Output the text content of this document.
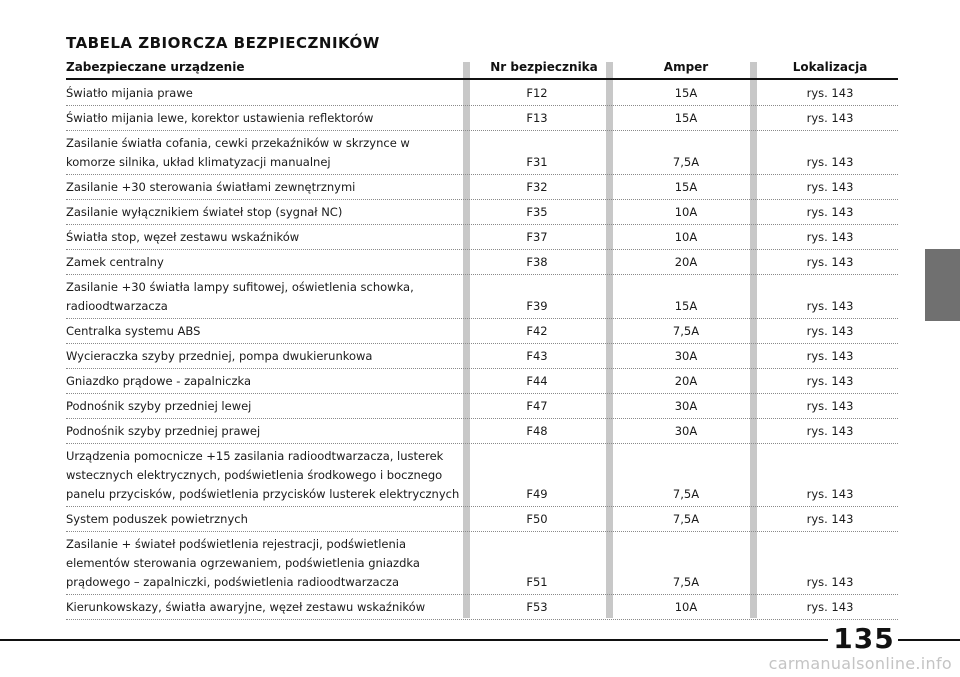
TABELA ZBIORCZA BEZPIECZNIKÓW
Zabezpieczane urządzenie	Nr bezpiecznika	Amper	Lokalizacja
Światło mijania prawe	F12	15A	rys. 143
Światło mijania lewe, korektor ustawienia reflektorów	F13	15A	rys. 143
Zasilanie światła cofania, cewki przekaźników w skrzynce w komorze silnika, układ klimatyzacji manualnej	F31	7,5A	rys. 143
Zasilanie +30 sterowania światłami zewnętrznymi	F32	15A	rys. 143
Zasilanie wyłącznikiem świateł stop (sygnał NC)	F35	10A	rys. 143
Światła stop, węzeł zestawu wskaźników	F37	10A	rys. 143
Zamek centralny	F38	20A	rys. 143
Zasilanie +30 światła lampy sufitowej, oświetlenia schowka, radioodtwarzacza	F39	15A	rys. 143
Centralka systemu ABS	F42	7,5A	rys. 143
Wycieraczka szyby przedniej, pompa dwukierunkowa	F43	30A	rys. 143
Gniazdko prądowe - zapalniczka	F44	20A	rys. 143
Podnośnik szyby przedniej lewej	F47	30A	rys. 143
Podnośnik szyby przedniej prawej	F48	30A	rys. 143
Urządzenia pomocnicze +15 zasilania radioodtwarzacza, lusterek wstecznych elektrycznych, podświetlenia środkowego i bocznego panelu przycisków, podświetlenia przycisków lusterek elektrycznych	F49	7,5A	rys. 143
System poduszek powietrznych	F50	7,5A	rys. 143
Zasilanie + świateł podświetlenia rejestracji, podświetlenia elementów sterowania ogrzewaniem, podświetlenia gniazdka prądowego – zapalniczki, podświetlenia radioodtwarzacza	F51	7,5A	rys. 143
Kierunkowskazy, światła awaryjne, węzeł zestawu wskaźników	F53	10A	rys. 143
135
carmanualsonline.info
